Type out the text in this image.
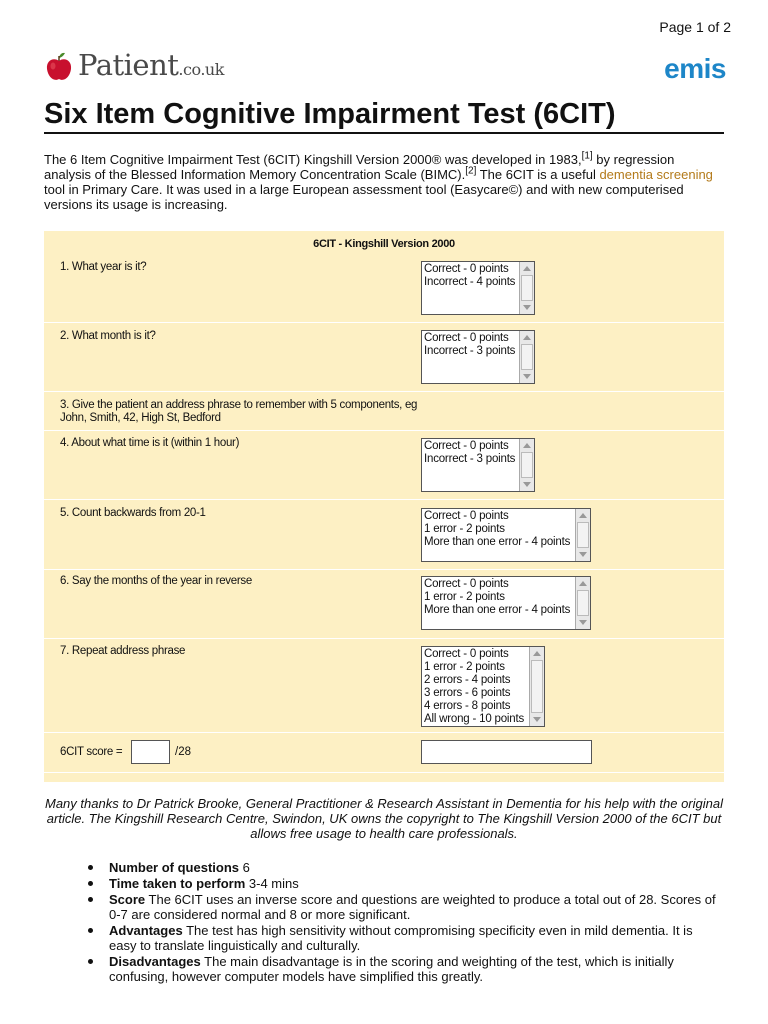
Page 1 of 2
Patient.co.uk	emis
Six Item Cognitive Impairment Test (6CIT)

The 6 Item Cognitive Impairment Test (6CIT) Kingshill Version 2000® was developed in 1983,[1] by regression analysis of the Blessed Information Memory Concentration Scale (BIMC).[2] The 6CIT is a useful dementia screening tool in Primary Care. It was used in a large European assessment tool (Easycare©) and with new computerised versions its usage is increasing.

6CIT - Kingshill Version 2000
1. What year is it?	Correct - 0 points
Incorrect - 4 points
2. What month is it?	Correct - 0 points
Incorrect - 3 points
3. Give the patient an address phrase to remember with 5 components, eg John, Smith, 42, High St, Bedford
4. About what time is it (within 1 hour)	Correct - 0 points
Incorrect - 3 points
5. Count backwards from 20-1	Correct - 0 points
1 error - 2 points
More than one error - 4 points
6. Say the months of the year in reverse	Correct - 0 points
1 error - 2 points
More than one error - 4 points
7. Repeat address phrase	Correct - 0 points
1 error - 2 points
2 errors - 4 points
3 errors - 6 points
4 errors - 8 points
All wrong - 10 points
6CIT score =	/28

Many thanks to Dr Patrick Brooke, General Practitioner & Research Assistant in Dementia for his help with the original article. The Kingshill Research Centre, Swindon, UK owns the copyright to The Kingshill Version 2000 of the 6CIT but allows free usage to health care professionals.

Number of questions 6
Time taken to perform 3-4 mins
Score The 6CIT uses an inverse score and questions are weighted to produce a total out of 28. Scores of 0-7 are considered normal and 8 or more significant.
Advantages The test has high sensitivity without compromising specificity even in mild dementia. It is easy to translate linguistically and culturally.
Disadvantages The main disadvantage is in the scoring and weighting of the test, which is initially confusing, however computer models have simplified this greatly.
